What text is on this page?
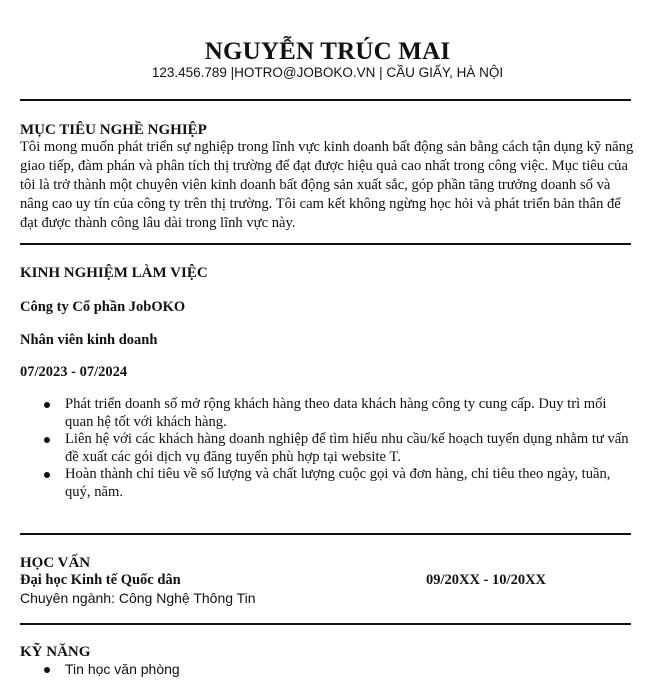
NGUYỄN TRÚC MAI
123.456.789 |HOTRO@JOBOKO.VN | CẦU GIẤY, HÀ NỘI
MỤC TIÊU NGHỀ NGHIỆP
Tôi mong muốn phát triển sự nghiệp trong lĩnh vực kinh doanh bất động sản bằng cách tận dụng kỹ năng giao tiếp, đàm phán và phân tích thị trường để đạt được hiệu quả cao nhất trong công việc. Mục tiêu của tôi là trở thành một chuyên viên kinh doanh bất động sản xuất sắc, góp phần tăng trưởng doanh số và nâng cao uy tín của công ty trên thị trường. Tôi cam kết không ngừng học hỏi và phát triển bản thân để đạt được thành công lâu dài trong lĩnh vực này.
KINH NGHIỆM LÀM VIỆC
Công ty Cổ phần JobOKO
Nhân viên kinh doanh
07/2023 - 07/2024
Phát triển doanh số mở rộng khách hàng theo data khách hàng công ty cung cấp. Duy trì mối quan hệ tốt với khách hàng.
Liên hệ với các khách hàng doanh nghiệp để tìm hiểu nhu cầu/kế hoạch tuyển dụng nhằm tư vấn đề xuất các gói dịch vụ đăng tuyển phù hợp tại website T.
Hoàn thành chỉ tiêu về số lượng và chất lượng cuộc gọi và đơn hàng, chỉ tiêu theo ngày, tuần, quý, năm.
HỌC VẤN
Đại học Kinh tế Quốc dân	09/20XX - 10/20XX
Chuyên ngành: Công Nghệ Thông Tin
KỸ NĂNG
Tin học văn phòng
